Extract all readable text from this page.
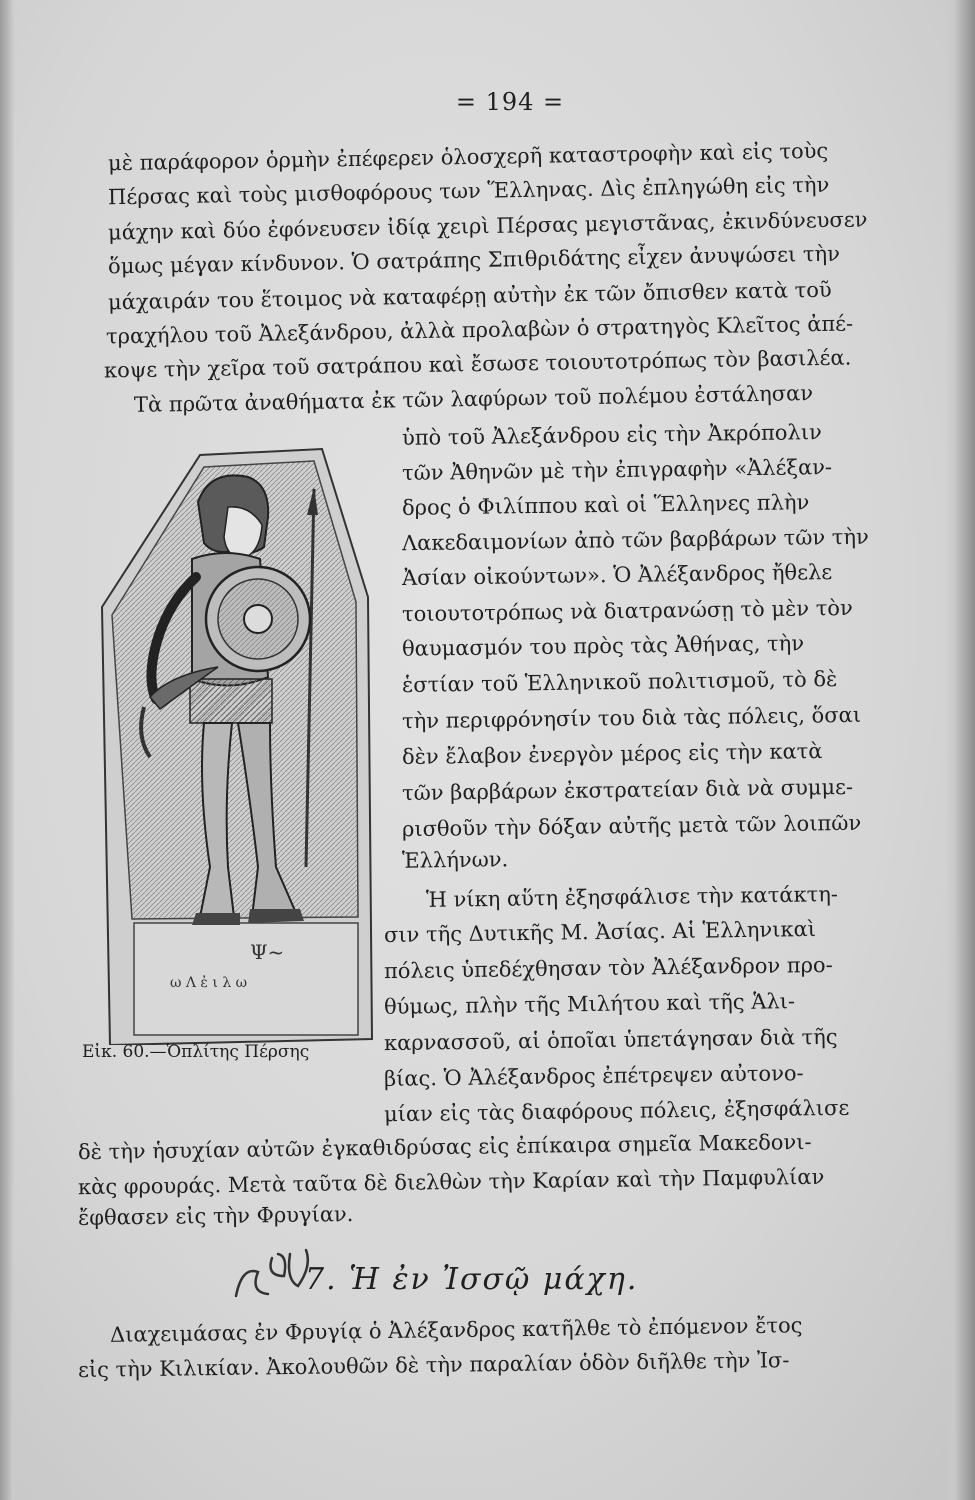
= 194 =

μὲ παράφορον ὁρμὴν ἐπέφερεν ὁλοσχερῆ καταστροφὴν καὶ εἰς τοὺς

Πέρσας καὶ τοὺς μισθοφόρους των Ἕλληνας. Δὶς ἐπληγώθη εἰς τὴν

μάχην καὶ δύο ἐφόνευσεν ἰδίᾳ χειρὶ Πέρσας μεγιστᾶνας, ἐκινδύνευσεν

ὅμως μέγαν κίνδυνον. Ὁ σατράπης Σπιθριδάτης εἶχεν ἀνυψώσει τὴν

μάχαιράν του ἕτοιμος νὰ καταφέρῃ αὐτὴν ἐκ τῶν ὄπισθεν κατὰ τοῦ

τραχήλου τοῦ Ἀλεξάνδρου, ἀλλὰ προλαβὼν ὁ στρατηγὸς Κλεῖτος ἀπέ-

κοψε τὴν χεῖρα τοῦ σατράπου καὶ ἔσωσε τοιουτοτρόπως τὸν βασιλέα.

Τὰ πρῶτα ἀναθήματα ἐκ τῶν λαφύρων τοῦ πολέμου ἐστάλησαν

ὑπὸ τοῦ Ἀλεξάνδρου εἰς τὴν Ἀκρόπολιν

τῶν Ἀθηνῶν μὲ τὴν ἐπιγραφὴν «Ἀλέξαν-

δρος ὁ Φιλίππου καὶ οἱ Ἕλληνες πλὴν

Λακεδαιμονίων ἀπὸ τῶν βαρβάρων τῶν τὴν

Ἀσίαν οἰκούντων». Ὁ Ἀλέξανδρος ἤθελε

τοιουτοτρόπως νὰ διατρανώσῃ τὸ μὲν τὸν

θαυμασμόν του πρὸς τὰς Ἀθήνας, τὴν

ἑστίαν τοῦ Ἑλληνικοῦ πολιτισμοῦ, τὸ δὲ

τὴν περιφρόνησίν του διὰ τὰς πόλεις, ὅσαι

δὲν ἔλαβον ἐνεργὸν μέρος εἰς τὴν κατὰ

τῶν βαρβάρων ἐκστρατείαν διὰ νὰ συμμε-

ρισθοῦν τὴν δόξαν αὐτῆς μετὰ τῶν λοιπῶν

Ἑλλήνων.

Ἡ νίκη αὕτη ἐξησφάλισε τὴν κατάκτη-

σιν τῆς Δυτικῆς Μ. Ἀσίας. Αἱ Ἑλληνικαὶ

πόλεις ὑπεδέχθησαν τὸν Ἀλέξανδρον προ-

θύμως, πλὴν τῆς Μιλήτου καὶ τῆς Ἁλι-

καρνασσοῦ, αἱ ὁποῖαι ὑπετάγησαν διὰ τῆς

βίας. Ὁ Ἀλέξανδρος ἐπέτρεψεν αὐτονο-

μίαν εἰς τὰς διαφόρους πόλεις, ἐξησφάλισε

Ψ~
ω Λ ἐ ι λ ω
Εἰκ. 60.—Ὁπλίτης Πέρσης

δὲ τὴν ἡσυχίαν αὐτῶν ἐγκαθιδρύσας εἰς ἐπίκαιρα σημεῖα Μακεδονι-

κὰς φρουράς. Μετὰ ταῦτα δὲ διελθὼν τὴν Καρίαν καὶ τὴν Παμφυλίαν

ἔφθασεν εἰς τὴν Φρυγίαν.

7. Ἡ ἐν Ἰσσῷ μάχη.

Διαχειμάσας ἐν Φρυγίᾳ ὁ Ἀλέξανδρος κατῆλθε τὸ ἐπόμενον ἔτος

εἰς τὴν Κιλικίαν. Ἀκολουθῶν δὲ τὴν παραλίαν ὁδὸν διῆλθε τὴν Ἰσ-
